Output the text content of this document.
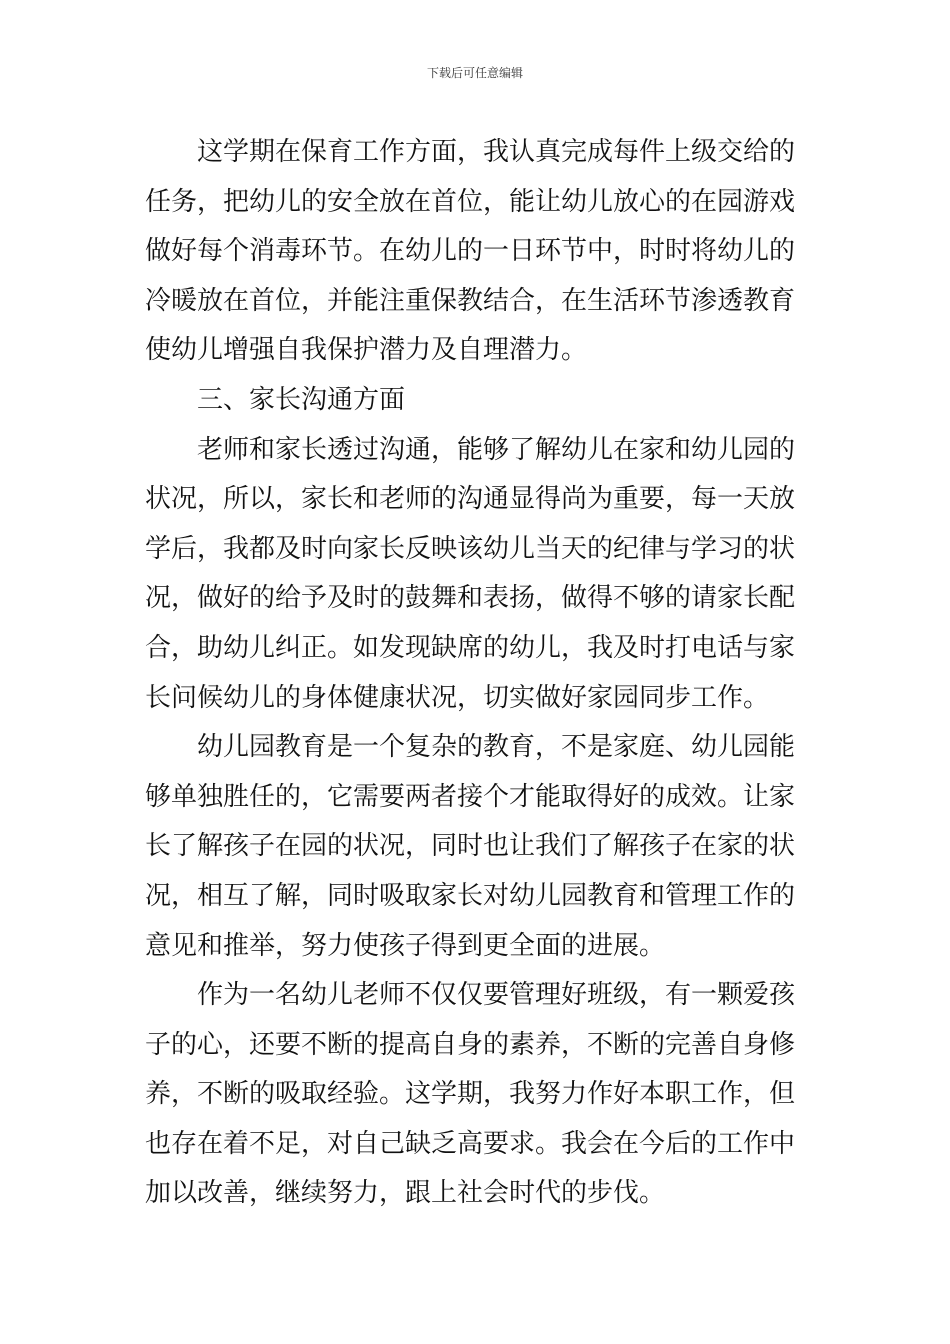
下载后可任意编辑
这学期在保育工作方面，我认真完成每件上级交给的
任务，把幼儿的安全放在首位，能让幼儿放心的在园游戏
做好每个消毒环节。在幼儿的一日环节中，时时将幼儿的
冷暖放在首位，并能注重保教结合，在生活环节渗透教育
使幼儿增强自我保护潜力及自理潜力。
三、家长沟通方面
老师和家长透过沟通，能够了解幼儿在家和幼儿园的
状况，所以，家长和老师的沟通显得尚为重要，每一天放
学后，我都及时向家长反映该幼儿当天的纪律与学习的状
况，做好的给予及时的鼓舞和表扬，做得不够的请家长配
合，助幼儿纠正。如发现缺席的幼儿，我及时打电话与家
长问候幼儿的身体健康状况，切实做好家园同步工作。
幼儿园教育是一个复杂的教育，不是家庭、幼儿园能
够单独胜任的，它需要两者接个才能取得好的成效。让家
长了解孩子在园的状况，同时也让我们了解孩子在家的状
况，相互了解，同时吸取家长对幼儿园教育和管理工作的
意见和推举，努力使孩子得到更全面的进展。
作为一名幼儿老师不仅仅要管理好班级，有一颗爱孩
子的心，还要不断的提高自身的素养，不断的完善自身修
养，不断的吸取经验。这学期，我努力作好本职工作，但
也存在着不足，对自己缺乏高要求。我会在今后的工作中
加以改善，继续努力，跟上社会时代的步伐。
